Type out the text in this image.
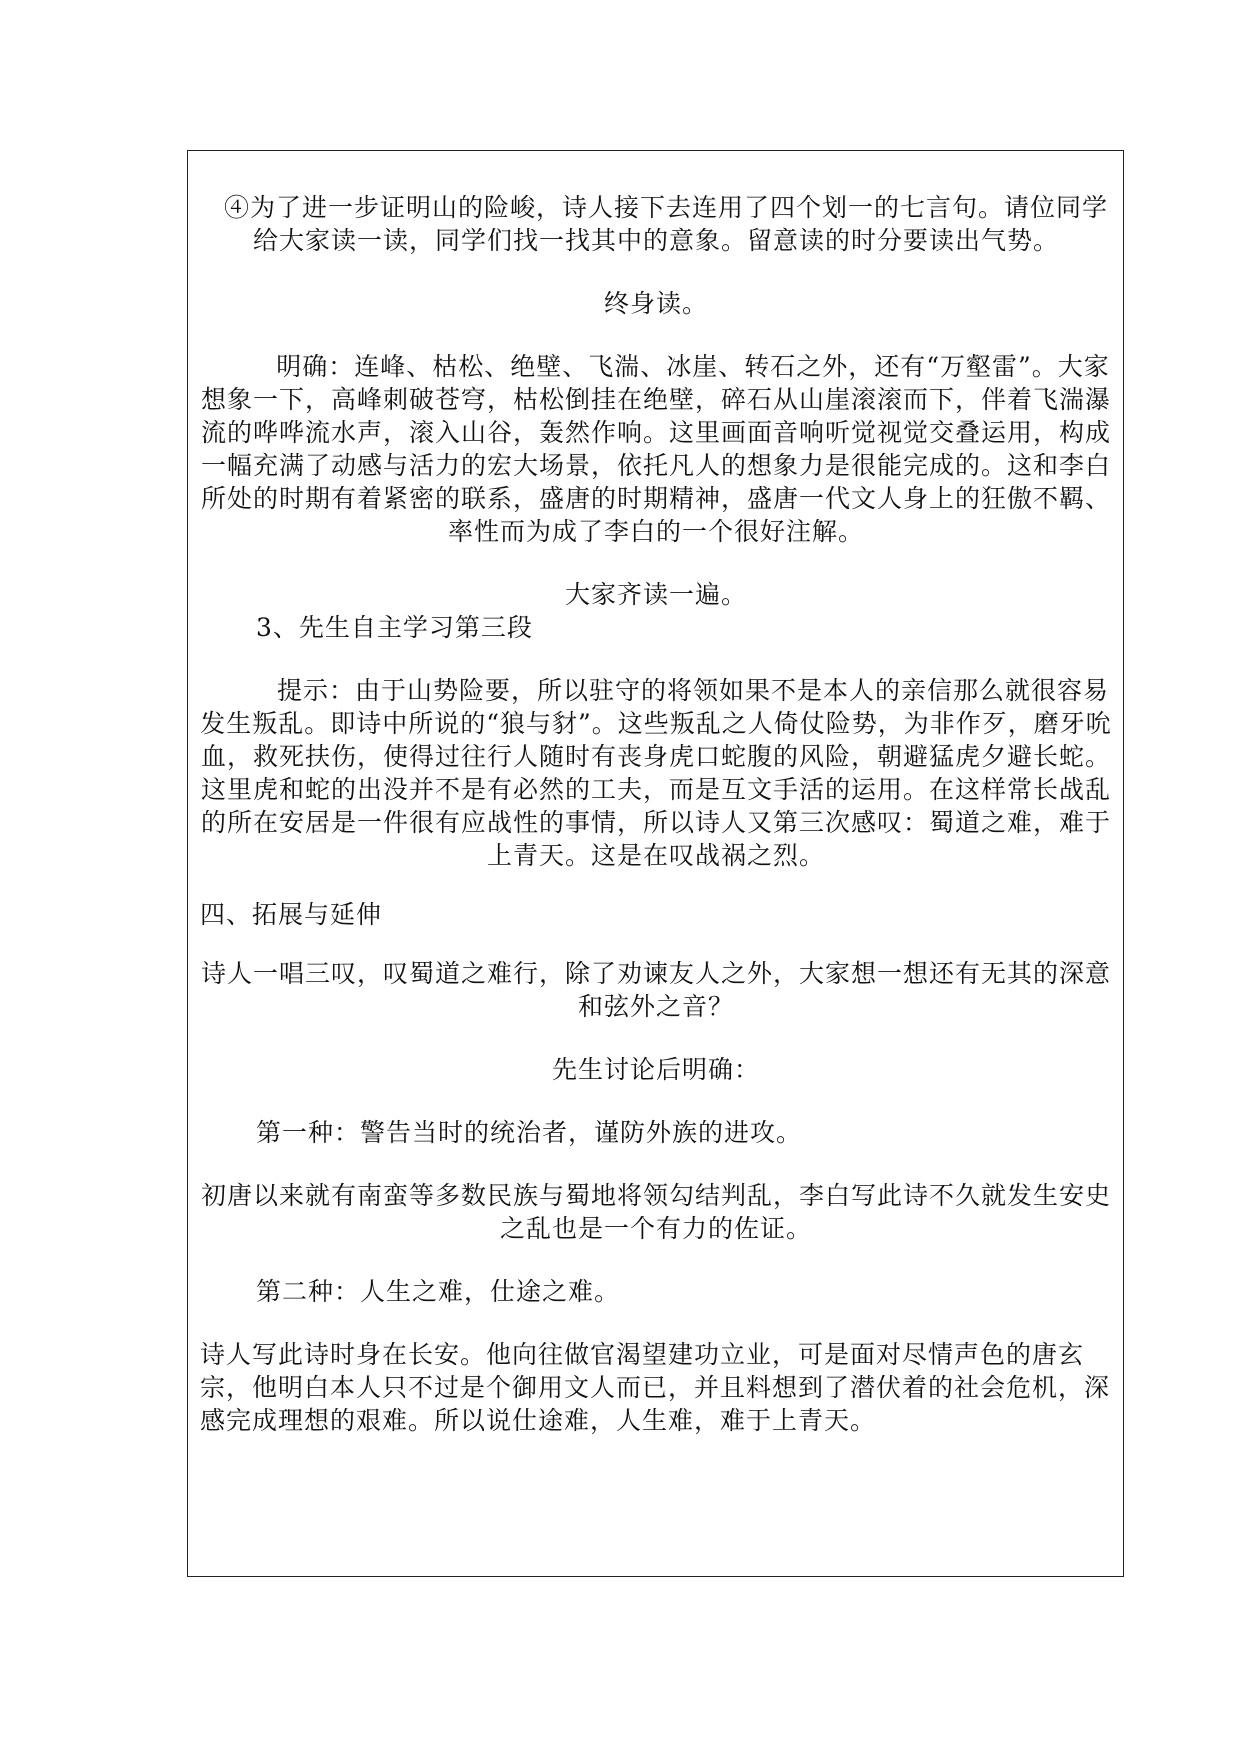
④为了进一步证明山的险峻，诗人接下去连用了四个划一的七言句。请位同学给大家读一读，同学们找一找其中的意象。留意读的时分要读出气势。

终身读。

明确：连峰、枯松、绝壁、飞湍、冰崖、转石之外，还有“万壑雷”。大家想象一下，高峰刺破苍穹，枯松倒挂在绝壁，碎石从山崖滚滚而下，伴着飞湍瀑流的哗哗流水声，滚入山谷，轰然作响。这里画面音响听觉视觉交叠运用，构成一幅充满了动感与活力的宏大场景，依托凡人的想象力是很能完成的。这和李白所处的时期有着紧密的联系，盛唐的时期精神，盛唐一代文人身上的狂傲不羁、率性而为成了李白的一个很好注解。

大家齐读一遍。

3、先生自主学习第三段

提示：由于山势险要，所以驻守的将领如果不是本人的亲信那么就很容易发生叛乱。即诗中所说的“狼与豺”。这些叛乱之人倚仗险势，为非作歹，磨牙吮血，救死扶伤，使得过往行人随时有丧身虎口蛇腹的风险，朝避猛虎夕避长蛇。这里虎和蛇的出没并不是有必然的工夫，而是互文手活的运用。在这样常长战乱的所在安居是一件很有应战性的事情，所以诗人又第三次感叹：蜀道之难，难于上青天。这是在叹战祸之烈。

四、拓展与延伸

诗人一唱三叹，叹蜀道之难行，除了劝谏友人之外，大家想一想还有无其的深意和弦外之音？

先生讨论后明确：

第一种：警告当时的统治者，谨防外族的进攻。

初唐以来就有南蛮等多数民族与蜀地将领勾结判乱，李白写此诗不久就发生安史之乱也是一个有力的佐证。

第二种：人生之难，仕途之难。

诗人写此诗时身在长安。他向往做官渴望建功立业，可是面对尽情声色的唐玄宗，他明白本人只不过是个御用文人而已，并且料想到了潜伏着的社会危机，深感完成理想的艰难。所以说仕途难，人生难，难于上青天。
